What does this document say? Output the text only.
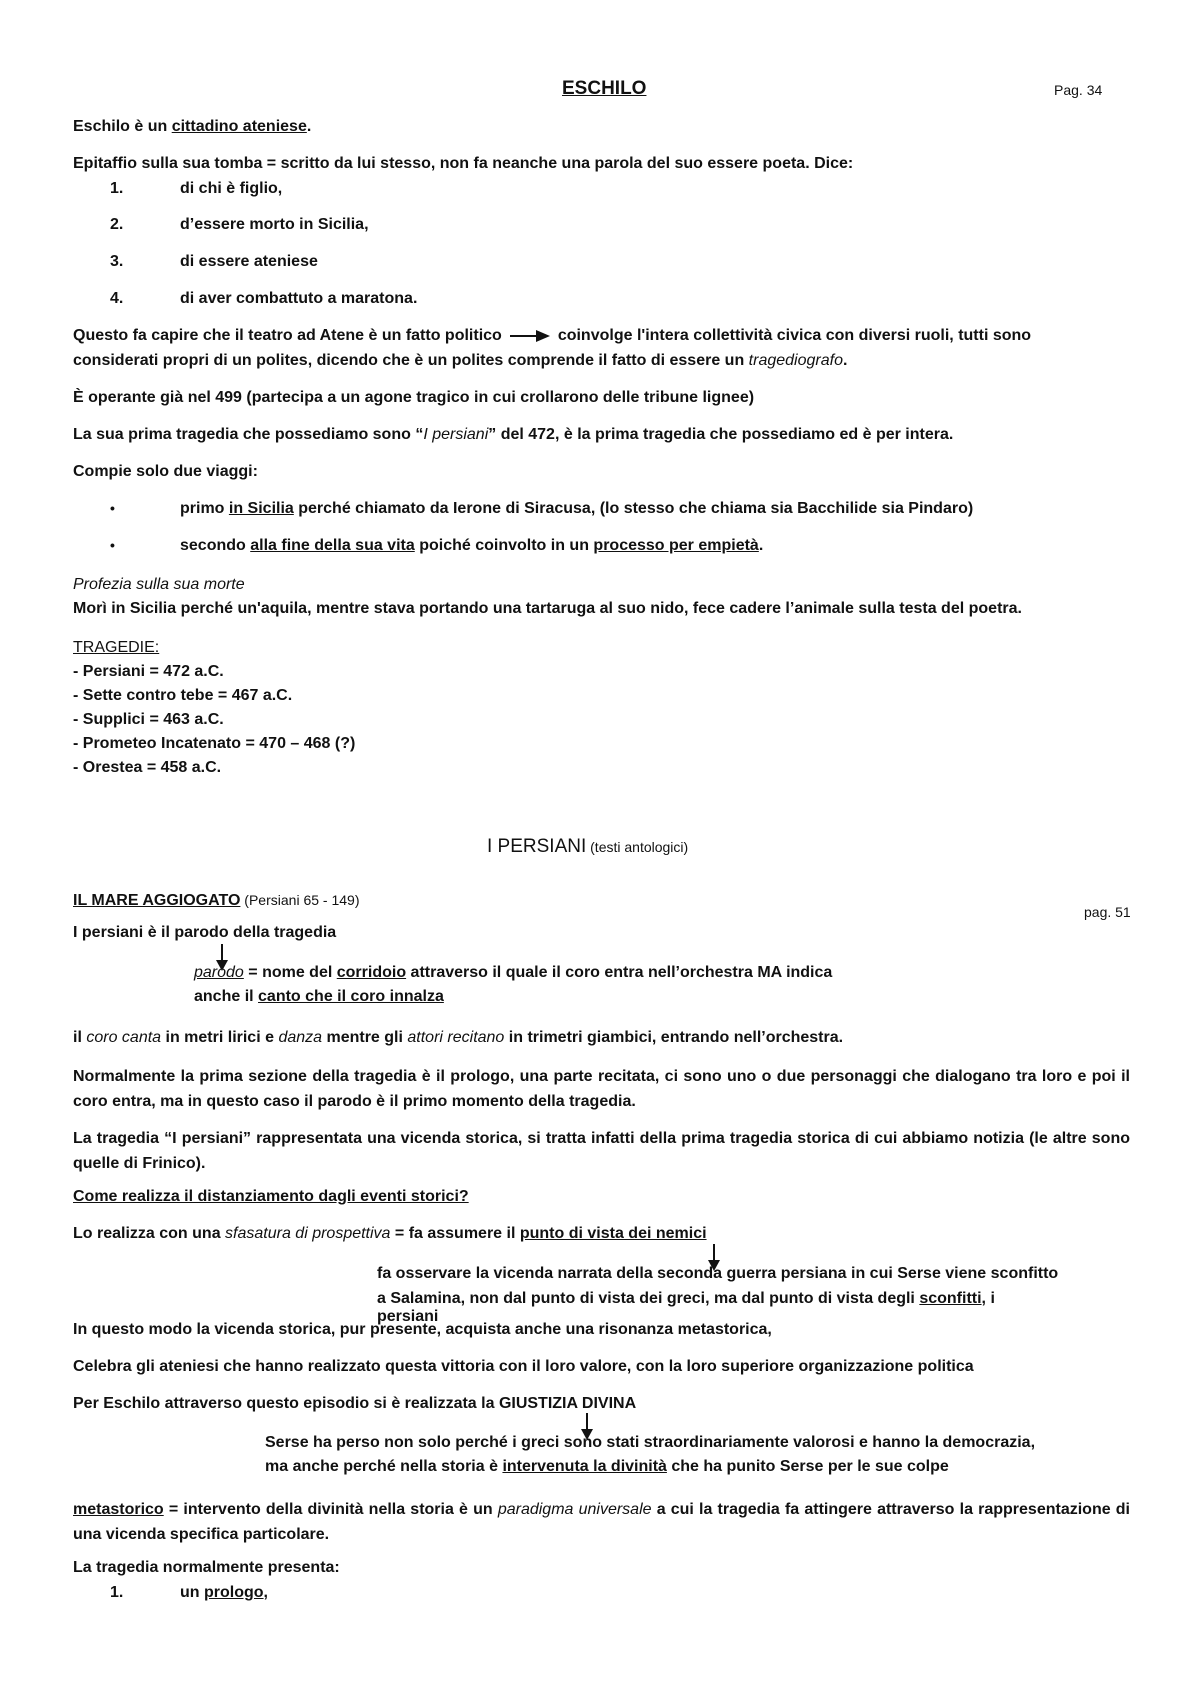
ESCHILO	Pag. 34
Eschilo è un cittadino ateniese.
Epitaffio sulla sua tomba = scritto da lui stesso, non fa neanche una parola del suo essere poeta. Dice:
1.	di chi è figlio,
2.	d’essere morto in Sicilia,
3.	di essere ateniese
4.	di aver combattuto a maratona.
Questo fa capire che il teatro ad Atene è un fatto politico	coinvolge l'intera collettività civica con diversi ruoli, tutti sono
considerati propri di un polites, dicendo che è un polites comprende il fatto di essere un tragediografo.
È operante già nel 499 (partecipa a un agone tragico in cui crollarono delle tribune lignee)
La sua prima tragedia che possediamo sono “I persiani” del 472, è la prima tragedia che possediamo ed è per intera.
Compie solo due viaggi:
•	primo in Sicilia perché chiamato da Ierone di Siracusa, (lo stesso che chiama sia Bacchilide sia Pindaro)
•	secondo alla fine della sua vita poiché coinvolto in un processo per empietà.
Profezia sulla sua morte
Morì in Sicilia perché un'aquila, mentre stava portando una tartaruga al suo nido, fece cadere l’animale sulla testa del poetra.
TRAGEDIE:
- Persiani = 472 a.C.
- Sette contro tebe = 467 a.C.
- Supplici = 463 a.C.
- Prometeo Incatenato = 470 – 468 (?)
- Orestea = 458 a.C.
I PERSIANI (testi antologici)
IL MARE AGGIOGATO (Persiani 65 - 149)
pag. 51
I persiani è il parodo della tragedia
parodo = nome del corridoio attraverso il quale il coro entra nell’orchestra MA indica
anche il canto che il coro innalza
il coro canta in metri lirici e danza mentre gli attori recitano in trimetri giambici, entrando nell’orchestra.
Normalmente la prima sezione della tragedia è il prologo, una parte recitata, ci sono uno o due personaggi che dialogano tra loro e poi il coro entra, ma in questo caso il parodo è il primo momento della tragedia.
La tragedia “I persiani” rappresentata una vicenda storica, si tratta infatti della prima tragedia storica di cui abbiamo notizia (le altre sono quelle di Frinico).
Come realizza il distanziamento dagli eventi storici?
Lo realizza con una sfasatura di prospettiva = fa assumere il punto di vista dei nemici
fa osservare la vicenda narrata della seconda guerra persiana in cui Serse viene sconfitto
a Salamina, non dal punto di vista dei greci, ma dal punto di vista degli sconfitti, i
persiani
In questo modo la vicenda storica, pur presente, acquista anche una risonanza metastorica,
Celebra gli ateniesi che hanno realizzato questa vittoria con il loro valore, con la loro superiore organizzazione politica
Per Eschilo attraverso questo episodio si è realizzata la GIUSTIZIA DIVINA
Serse ha perso non solo perché i greci sono stati straordinariamente valorosi e hanno la democrazia,
ma anche perché nella storia è intervenuta la divinità che ha punito Serse per le sue colpe
metastorico = intervento della divinità nella storia è un paradigma universale a cui la tragedia fa attingere attraverso la rappresentazione di una vicenda specifica particolare.
La tragedia normalmente presenta:
1.	un prologo,
